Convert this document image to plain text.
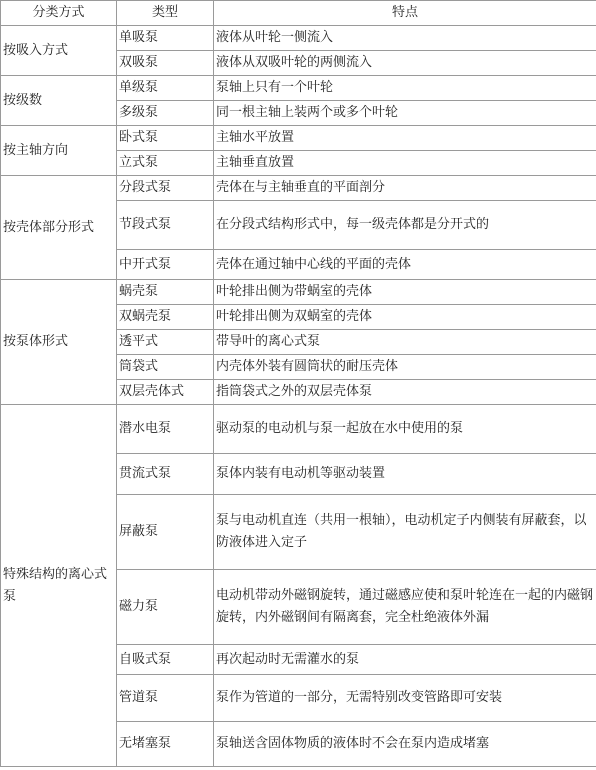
分类方式	类型	特点
按吸入方式	单吸泵	液体从叶轮一侧流入
	双吸泵	液体从双吸叶轮的两侧流入
按级数	单级泵	泵轴上只有一个叶轮
	多级泵	同一根主轴上装两个或多个叶轮
按主轴方向	卧式泵	主轴水平放置
	立式泵	主轴垂直放置
按壳体部分形式	分段式泵	壳体在与主轴垂直的平面剖分
	节段式泵	在分段式结构形式中，每一级壳体都是分开式的
	中开式泵	壳体在通过轴中心线的平面的壳体
按泵体形式	蜗壳泵	叶轮排出侧为带蜗室的壳体
	双蜗壳泵	叶轮排出侧为双蜗室的壳体
	透平式	带导叶的离心式泵
	筒袋式	内壳体外装有圆筒状的耐压壳体
	双层壳体式	指筒袋式之外的双层壳体泵
特殊结构的离心式泵	潜水电泵	驱动泵的电动机与泵一起放在水中使用的泵
	贯流式泵	泵体内装有电动机等驱动装置
	屏蔽泵	泵与电动机直连（共用一根轴），电动机定子内侧装有屏蔽套，以防液体进入定子
	磁力泵	电动机带动外磁钢旋转，通过磁感应使和泵叶轮连在一起的内磁钢旋转，内外磁钢间有隔离套，完全杜绝液体外漏
	自吸式泵	再次起动时无需灌水的泵
	管道泵	泵作为管道的一部分，无需特别改变管路即可安装
	无堵塞泵	泵轴送含固体物质的液体时不会在泵内造成堵塞
